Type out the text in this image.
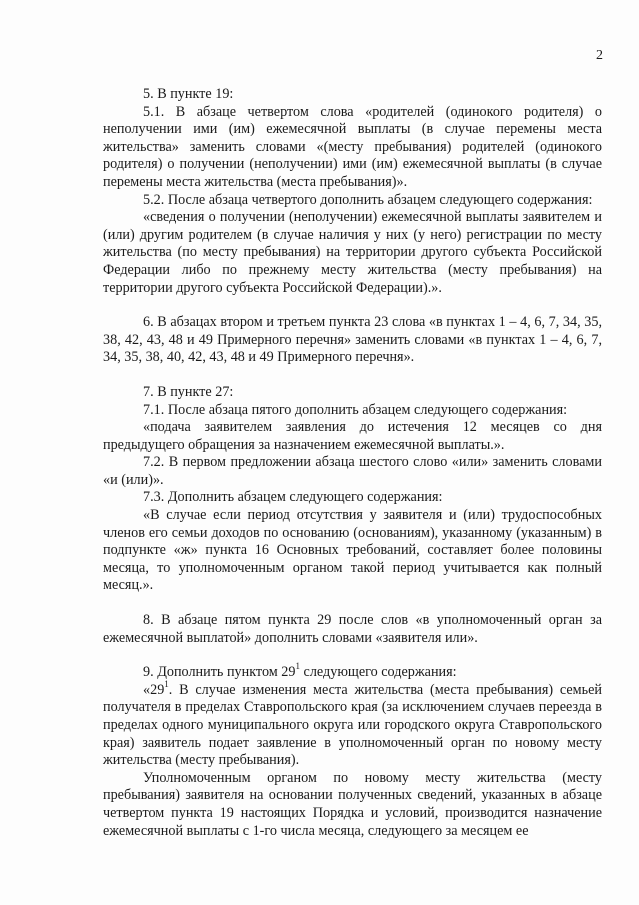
2

5. В пункте 19:

5.1. В абзаце четвертом слова «родителей (одинокого родителя) о неполучении ими (им) ежемесячной выплаты (в случае перемены места жительства» заменить словами «(месту пребывания) родителей (одинокого родителя) о получении (неполучении) ими (им) ежемесячной выплаты (в случае перемены места жительства (места пребывания)».

5.2. После абзаца четвертого дополнить абзацем следующего содержания:

«сведения о получении (неполучении) ежемесячной выплаты заявителем и (или) другим родителем (в случае наличия у них (у него) регистрации по месту жительства (по месту пребывания) на территории другого субъекта Российской Федерации либо по прежнему месту жительства (месту пребывания) на территории другого субъекта Российской Федерации).».

6. В абзацах втором и третьем пункта 23 слова «в пунктах 1 – 4, 6, 7, 34, 35, 38, 42, 43, 48 и 49 Примерного перечня» заменить словами «в пунктах 1 – 4, 6, 7, 34, 35, 38, 40, 42, 43, 48 и 49 Примерного перечня».

7. В пункте 27:

7.1. После абзаца пятого дополнить абзацем следующего содержания:

«подача заявителем заявления до истечения 12 месяцев со дня предыдущего обращения за назначением ежемесячной выплаты.».

7.2. В первом предложении абзаца шестого слово «или» заменить словами «и (или)».

7.3. Дополнить абзацем следующего содержания:

«В случае если период отсутствия у заявителя и (или) трудоспособных членов его семьи доходов по основанию (основаниям), указанному (указанным) в подпункте «ж» пункта 16 Основных требований, составляет более половины месяца, то уполномоченным органом такой период учитывается как полный месяц.».

8. В абзаце пятом пункта 29 после слов «в уполномоченный орган за ежемесячной выплатой» дополнить словами «заявителя или».

9. Дополнить пунктом $29^1$ следующего содержания:

«$29^1$. В случае изменения места жительства (места пребывания) семьей получателя в пределах Ставропольского края (за исключением случаев переезда в пределах одного муниципального округа или городского округа Ставропольского края) заявитель подает заявление в уполномоченный орган по новому месту жительства (месту пребывания).

Уполномоченным органом по новому месту жительства (месту пребывания) заявителя на основании полученных сведений, указанных в абзаце четвертом пункта 19 настоящих Порядка и условий, производится назначение ежемесячной выплаты с 1-го числа месяца, следующего за месяцем ее
